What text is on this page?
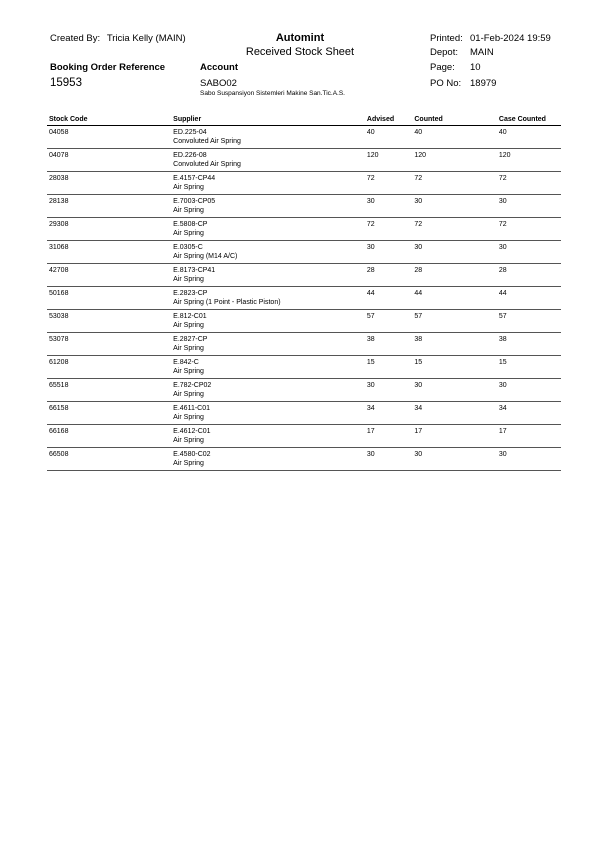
Created By: Tricia Kelly (MAIN)	Automint
Received Stock Sheet
Printed: 01-Feb-2024 19:59
Depot: MAIN
Page: 10
PO No: 18979
Booking Order Reference
15953
Account
SABO02
Sabo Suspansiyon Sistemleri Makine San.Tic.A.S.
Stock Code	Supplier	Advised	Counted	Case Counted
04058	ED.225-04
Convoluted Air Spring	40	40	40
04078	ED.226-08
Convoluted Air Spring	120	120	120
28038	E.4157-CP44
Air Spring	72	72	72
28138	E.7003-CP05
Air Spring	30	30	30
29308	E.5808-CP
Air Spring	72	72	72
31068	E.0305-C
Air Spring (M14 A/C)	30	30	30
42708	E.8173-CP41
Air Spring	28	28	28
50168	E.2823-CP
Air Spring (1 Point - Plastic Piston)	44	44	44
53038	E.812-C01
Air Spring	57	57	57
53078	E.2827-CP
Air Spring	38	38	38
61208	E.842-C
Air Spring	15	15	15
65518	E.782-CP02
Air Spring	30	30	30
66158	E.4611-C01
Air Spring	34	34	34
66168	E.4612-C01
Air Spring	17	17	17
66508	E.4580-C02
Air Spring	30	30	30
